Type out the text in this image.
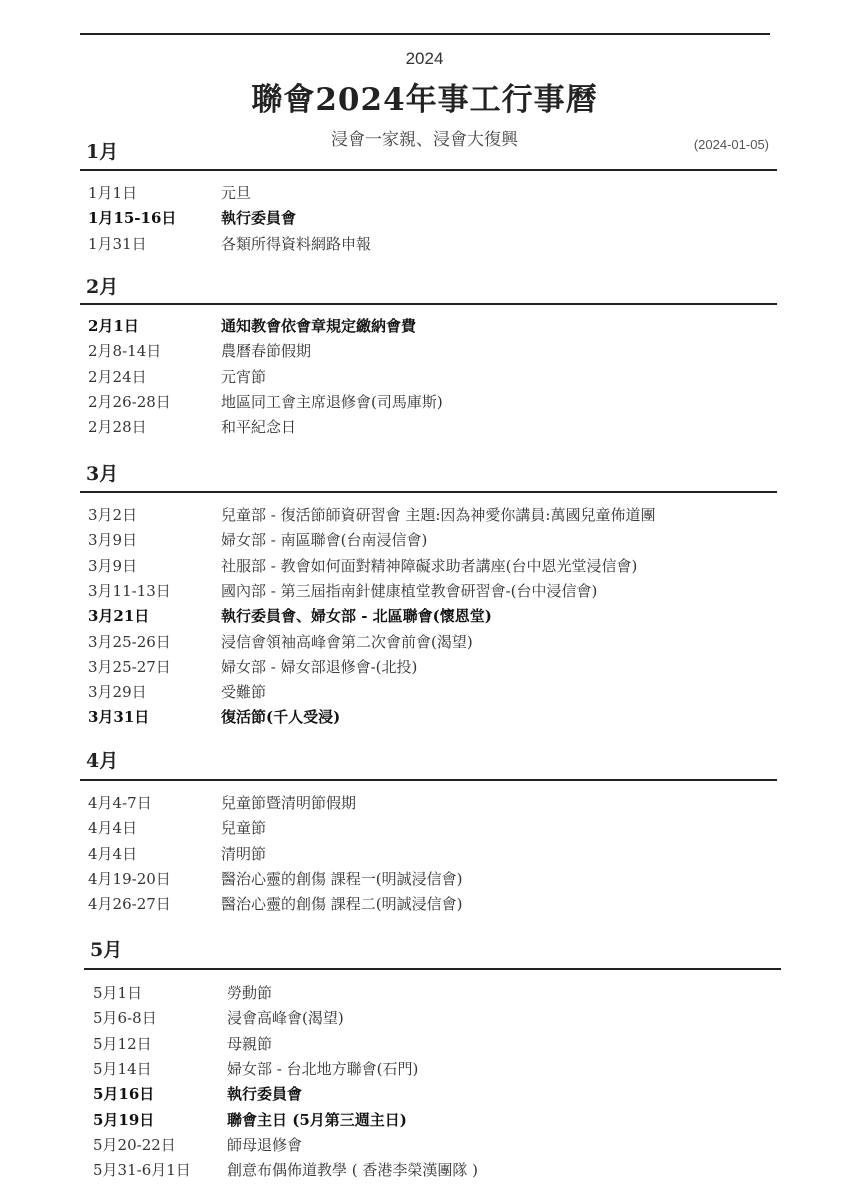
2024
聯會2024年事工行事曆
浸會一家親、浸會大復興	(2024-01-05)
1月
1月1日	元旦
1月15-16日	執行委員會
1月31日	各類所得資料網路申報
2月
2月1日	通知教會依會章規定繳納會費
2月8-14日	農曆春節假期
2月24日	元宵節
2月26-28日	地區同工會主席退修會(司馬庫斯)
2月28日	和平紀念日
3月
3月2日	兒童部 - 復活節師資研習會 主題:因為神愛你講員:萬國兒童佈道團
3月9日	婦女部 - 南區聯會(台南浸信會)
3月9日	社服部 - 教會如何面對精神障礙求助者講座(台中恩光堂浸信會)
3月11-13日	國內部 - 第三屆指南針健康植堂教會研習會-(台中浸信會)
3月21日	執行委員會、婦女部 - 北區聯會(懷恩堂)
3月25-26日	浸信會領袖高峰會第二次會前會(渴望)
3月25-27日	婦女部 - 婦女部退修會-(北投)
3月29日	受難節
3月31日	復活節(千人受浸)
4月
4月4-7日	兒童節暨清明節假期
4月4日	兒童節
4月4日	清明節
4月19-20日	醫治心靈的創傷 課程一(明誠浸信會)
4月26-27日	醫治心靈的創傷 課程二(明誠浸信會)
5月
5月1日	勞動節
5月6-8日	浸會高峰會(渴望)
5月12日	母親節
5月14日	婦女部 - 台北地方聯會(石門)
5月16日	執行委員會
5月19日	聯會主日 (5月第三週主日)
5月20-22日	師母退修會
5月31-6月1日 創意布偶佈道教學 ( 香港李榮漢團隊 )
